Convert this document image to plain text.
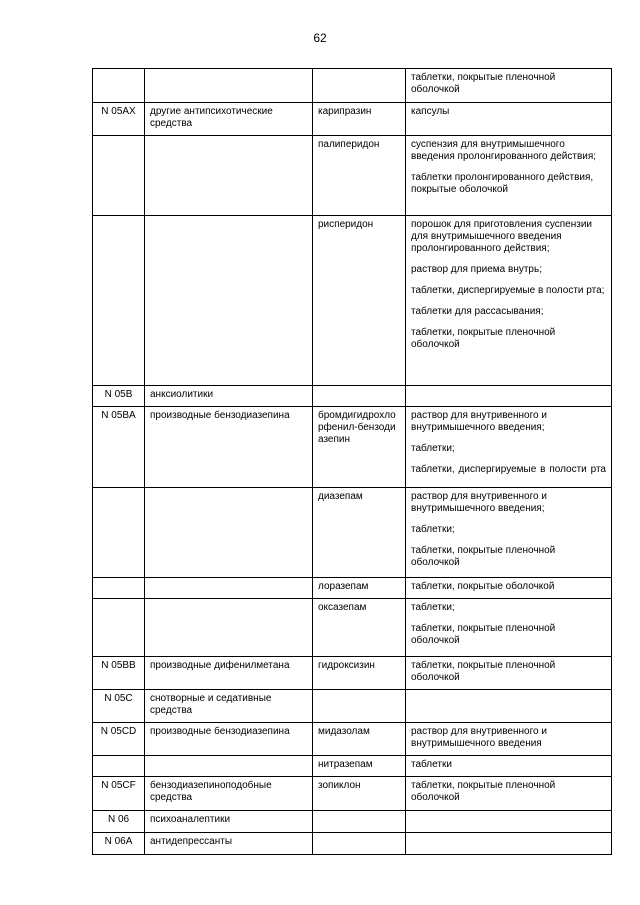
62

			таблетки, покрытые пленочной оболочкой

N 05AX	другие антипсихотические средства	карипразин	капсулы

		палиперидон	суспензия для внутримышечного введения пролонгированного действия;
таблетки пролонгированного действия, покрытые оболочкой

		рисперидон	порошок для приготовления суспензии для внутримышечного введения пролонгированного действия;
раствор для приема внутрь;
таблетки, диспергируемые в полости рта;
таблетки для рассасывания;
таблетки, покрытые пленочной оболочкой

N 05B	анксиолитики		
N 05BA	производные бензодиазепина	бромдигидрохлорфенил-бензодиазепин	раствор для внутривенного и внутримышечного введения;
таблетки;
таблетки, диспергируемые в полости рта

		диазепам	раствор для внутривенного и внутримышечного введения;
таблетки;
таблетки, покрытые пленочной оболочкой

		лоразепам	таблетки, покрытые оболочкой

		оксазепам	таблетки;
таблетки, покрытые пленочной оболочкой

N 05BB	производные дифенилметана	гидроксизин	таблетки, покрытые пленочной оболочкой

N 05C	снотворные и седативные средства		
N 05CD	производные бензодиазепина	мидазолам	раствор для внутривенного и внутримышечного введения

		нитразепам	таблетки

N 05CF	бензодиазепиноподобные средства	зопиклон	таблетки, покрытые пленочной оболочкой

N 06	психоаналептики		
N 06A	антидепрессанты		
